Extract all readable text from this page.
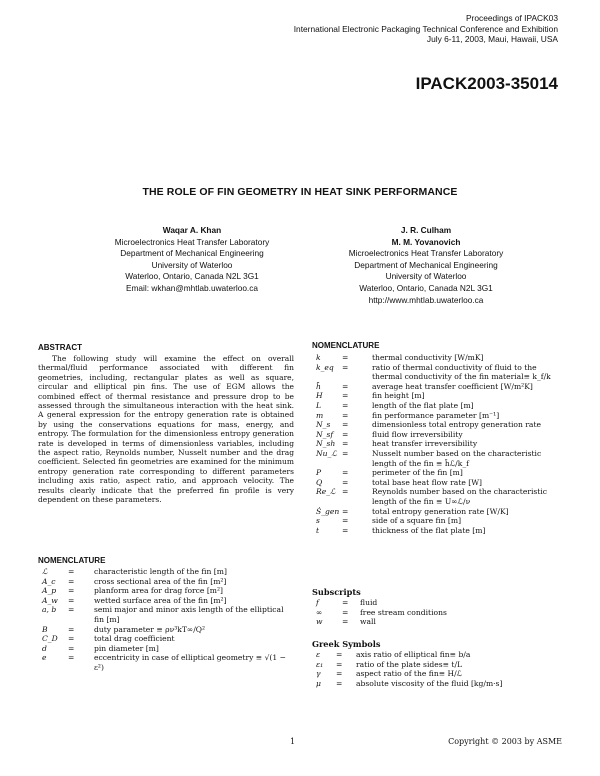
Proceedings of IPACK03
International Electronic Packaging Technical Conference and Exhibition
July 6-11, 2003, Maui, Hawaii, USA
IPACK2003-35014
THE ROLE OF FIN GEOMETRY IN HEAT SINK PERFORMANCE
Waqar A. Khan
Microelectronics Heat Transfer Laboratory
Department of Mechanical Engineering
University of Waterloo
Waterloo, Ontario, Canada N2L 3G1
Email: wkhan@mhtlab.uwaterloo.ca
J. R. Culham
M. M. Yovanovich
Microelectronics Heat Transfer Laboratory
Department of Mechanical Engineering
University of Waterloo
Waterloo, Ontario, Canada N2L 3G1
http://www.mhtlab.uwaterloo.ca
ABSTRACT
The following study will examine the effect on overall thermal/fluid performance associated with different fin geometries, including, rectangular plates as well as square, circular and elliptical pin fins. The use of EGM allows the combined effect of thermal resistance and pressure drop to be assessed through the simultaneous interaction with the heat sink. A general expression for the entropy generation rate is obtained by using the conservations equations for mass, energy, and entropy. The formulation for the dimensionless entropy generation rate is developed in terms of dimensionless variables, including the aspect ratio, Reynolds number, Nusselt number and the drag coefficient. Selected fin geometries are examined for the minimum entropy generation rate corresponding to different parameters including axis ratio, aspect ratio, and approach velocity. The results clearly indicate that the preferred fin profile is very dependent on these parameters.
NOMENCLATURE
ℒ	=	characteristic length of the fin [m]
A_c =	cross sectional area of the fin [m²]
A_p =	planform area for drag force [m²]
A_w =	wetted surface area of the fin [m²]
a, b =	semi major and minor axis length of the elliptical fin [m]
B	=	duty parameter ≡ ρν³kT∞/Q²
C_D =	total drag coefficient
d	=	pin diameter [m]
e	=	eccentricity in case of elliptical geometry ≡ √(1 − ε²)
NOMENCLATURE
k	=	thermal conductivity [W/mK]
k_eq =	ratio of thermal conductivity of fluid to the thermal conductivity of the fin material≡ k_f/k
h̄	=	average heat transfer coefficient [W/m²K]
H	=	fin height [m]
L	=	length of the flat plate [m]
m =	fin performance parameter [m⁻¹]
N_s =	dimensionless total entropy generation rate
N_sf =	fluid flow irreversibility
N_sh =	heat transfer irreversibility
Nu_ℒ =	Nusselt number based on the characteristic length of the fin ≡ h̄ℒ/k_f
P	=	perimeter of the fin [m]
Q	=	total base heat flow rate [W]
Re_ℒ =	Reynolds number based on the characteristic length of the fin ≡ U∞ℒ/ν
Ṡ_gen =	total entropy generation rate [W/K]
s	=	side of a square fin [m]
t	=	thickness of the flat plate [m]
Subscripts
f	= fluid
∞	= free stream conditions
w	= wall
Greek Symbols
ε = axis ratio of elliptical fin≡ b/a
ε₁ = ratio of the plate sides≡ t/L
γ = aspect ratio of the fin≡ H/ℒ
μ = absolute viscosity of the fluid [kg/m·s]
1	Copyright © 2003 by ASME
